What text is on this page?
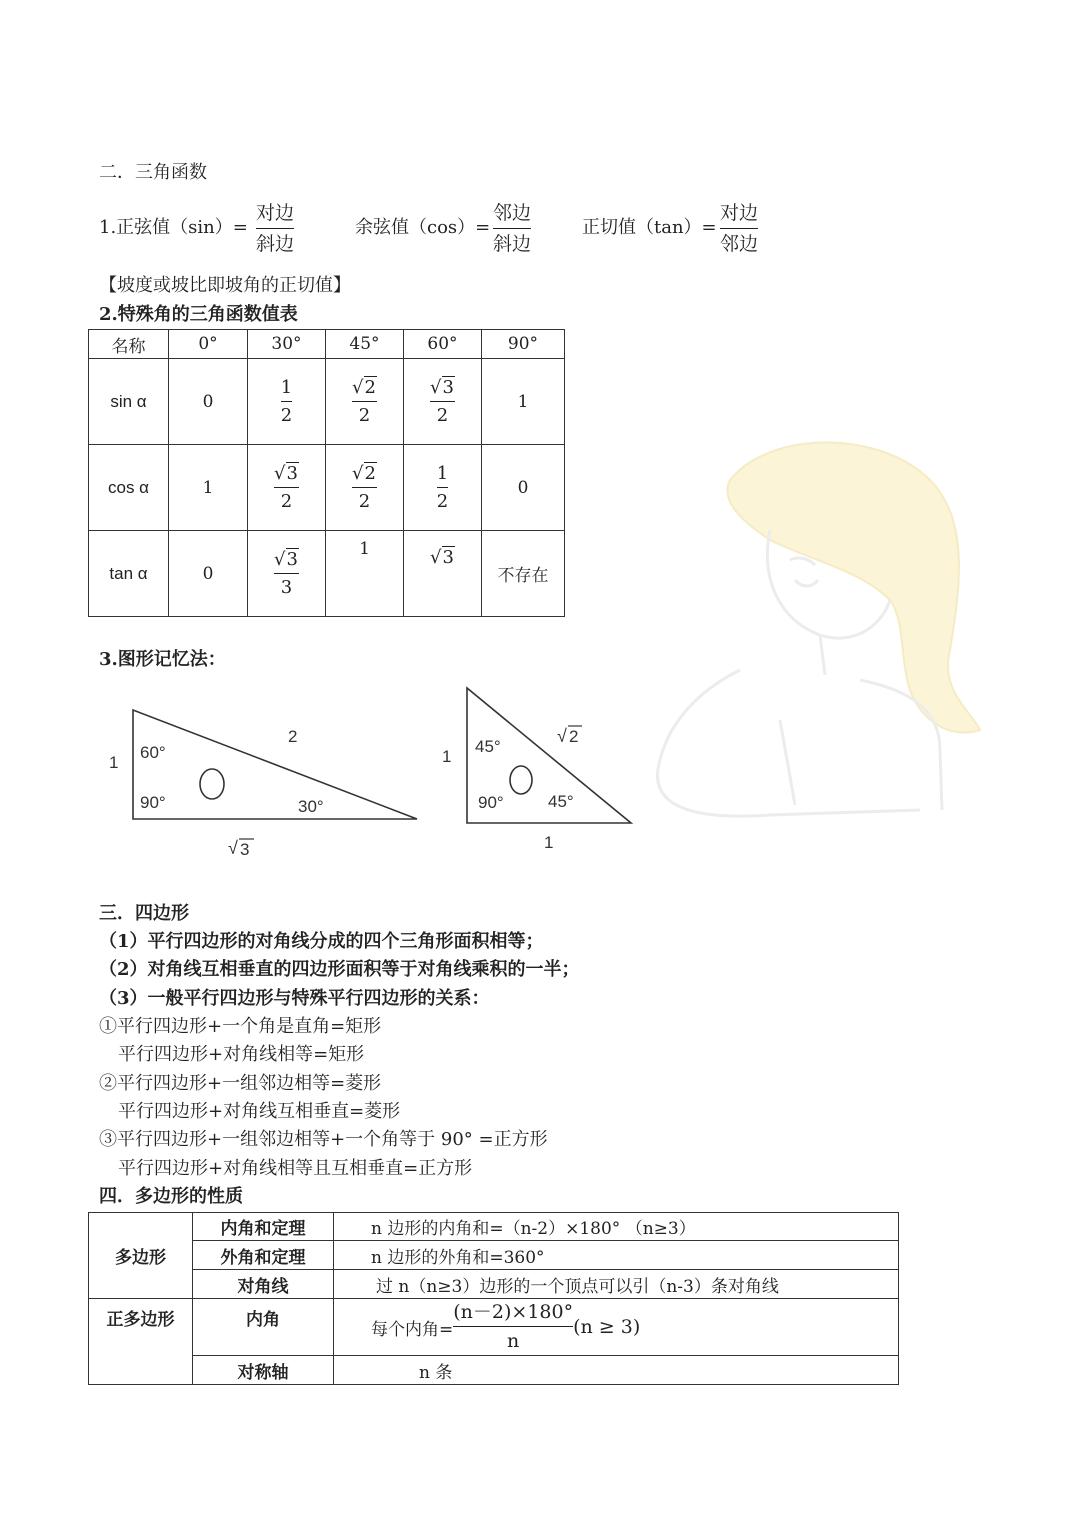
二．三角函数
1.正弦值（sin）=
对边
斜边
余弦值（cos）=
邻边
斜边
正切值（tan）=
对边
邻边
【坡度或坡比即坡角的正切值】
2.特殊角的三角函数值表
名称	0°	30°	45°	60°	90°
sin α	0	$\frac{1}{2}$	$\frac{√2}{2}$	$\frac{√3}{2}$	1
cos α	1	$\frac{√3}{2}$	$\frac{√2}{2}$	$\frac{1}{2}$	0
tan α	0	$\frac{√3}{3}$	1	√3	不存在
3.图形记忆法：
1
2
60°
90°	30°
√ 3
1
√ 2
45°
90°	45°
1
三．四边形
（1）平行四边形的对角线分成的四个三角形面积相等；
（2）对角线互相垂直的四边形面积等于对角线乘积的一半；
（3）一般平行四边形与特殊平行四边形的关系：
①平行四边形+一个角是直角=矩形
平行四边形+对角线相等=矩形
②平行四边形+一组邻边相等=菱形
平行四边形+对角线互相垂直=菱形
③平行四边形+一组邻边相等+一个角等于 90° =正方形
平行四边形+对角线相等且互相垂直=正方形
四．多边形的性质
多边形	内角和定理	n 边形的内角和=（n-2）×180° （n≥3）
	外角和定理	n 边形的外角和=360°
	对角线	过 n（n≥3）边形的一个顶点可以引（n-3）条对角线
正多边形	内角	每个内角=
(n－2)×180°
n
(n ≥ 3)

	对称轴	n 条
